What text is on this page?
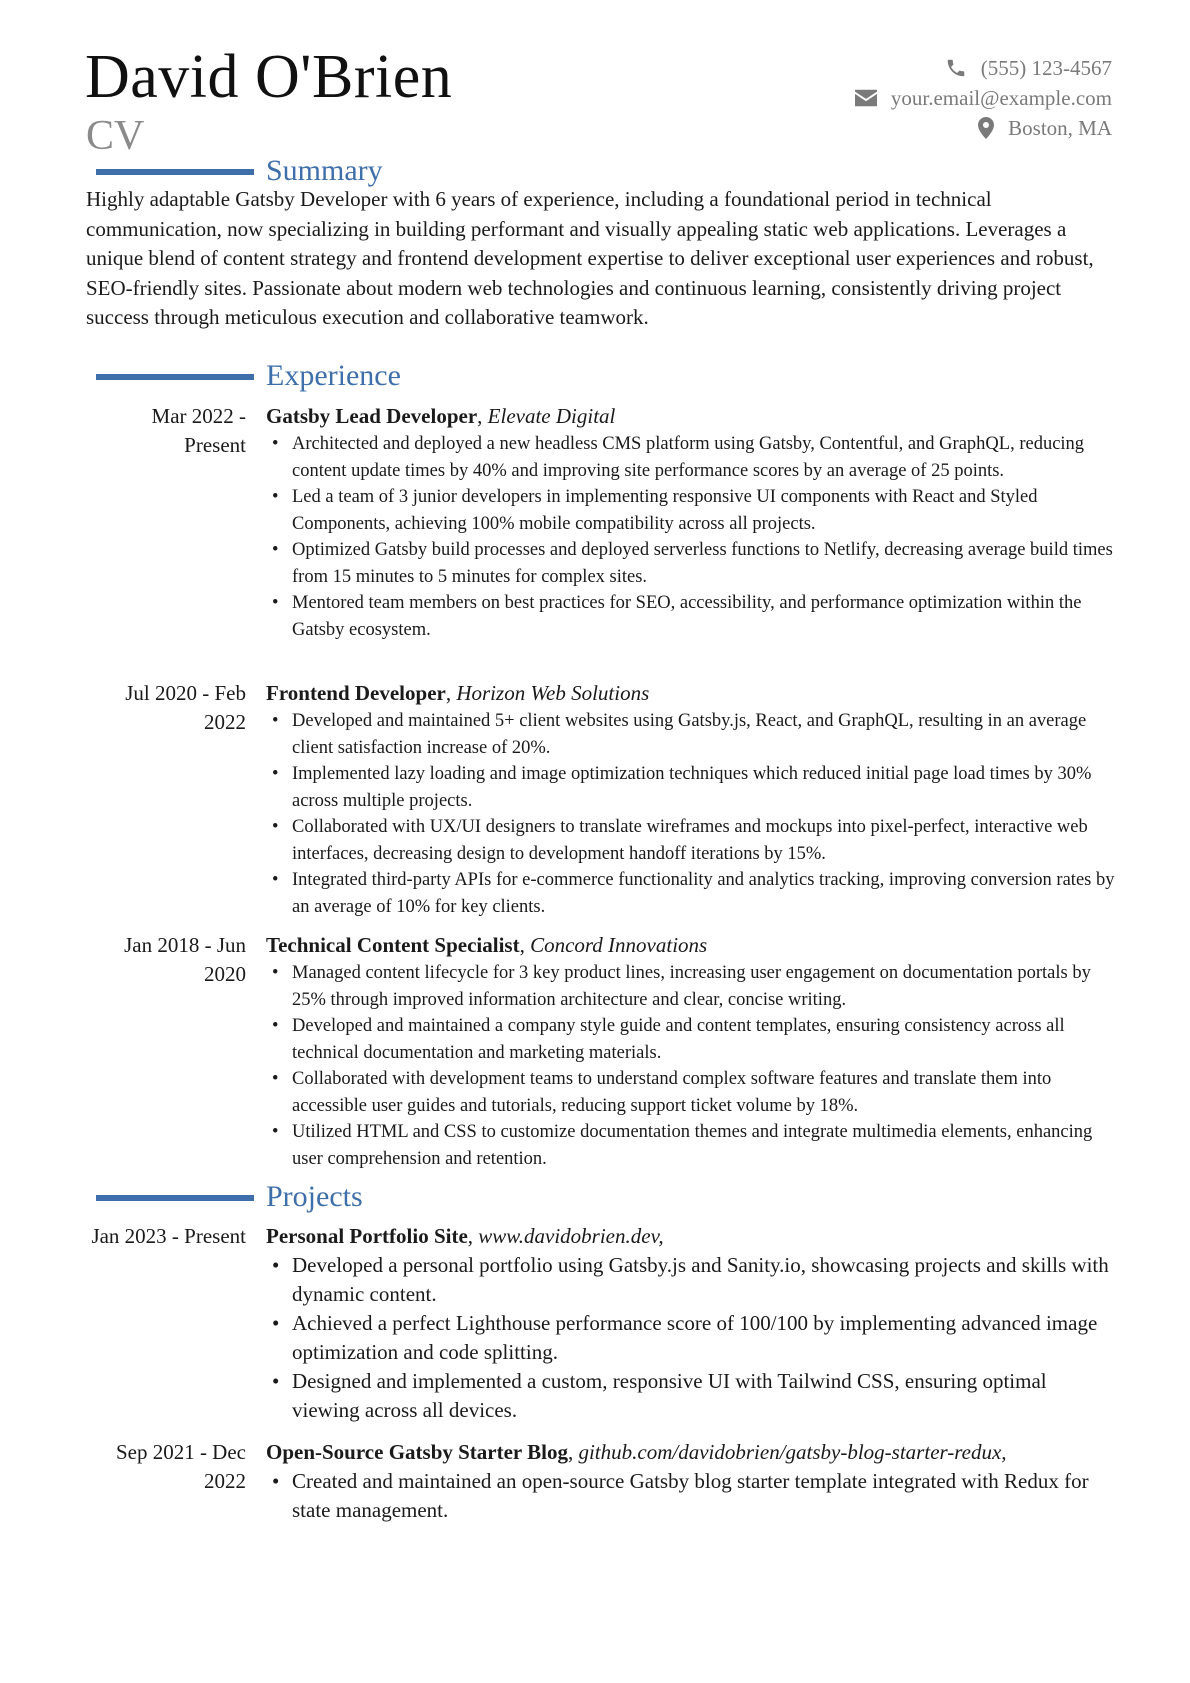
David O'Brien
CV
(555) 123-4567
your.email@example.com
Boston, MA
Summary
Highly adaptable Gatsby Developer with 6 years of experience, including a foundational period in technical communication, now specializing in building performant and visually appealing static web applications. Leverages a unique blend of content strategy and frontend development expertise to deliver exceptional user experiences and robust, SEO-friendly sites. Passionate about modern web technologies and continuous learning, consistently driving project success through meticulous execution and collaborative teamwork.
Experience
Mar 2022 - Present
Gatsby Lead Developer, Elevate Digital
• Architected and deployed a new headless CMS platform using Gatsby, Contentful, and GraphQL, reducing content update times by 40% and improving site performance scores by an average of 25 points.
• Led a team of 3 junior developers in implementing responsive UI components with React and Styled Components, achieving 100% mobile compatibility across all projects.
• Optimized Gatsby build processes and deployed serverless functions to Netlify, decreasing average build times from 15 minutes to 5 minutes for complex sites.
• Mentored team members on best practices for SEO, accessibility, and performance optimization within the Gatsby ecosystem.
Jul 2020 - Feb 2022
Frontend Developer, Horizon Web Solutions
• Developed and maintained 5+ client websites using Gatsby.js, React, and GraphQL, resulting in an average client satisfaction increase of 20%.
• Implemented lazy loading and image optimization techniques which reduced initial page load times by 30% across multiple projects.
• Collaborated with UX/UI designers to translate wireframes and mockups into pixel-perfect, interactive web interfaces, decreasing design to development handoff iterations by 15%.
• Integrated third-party APIs for e-commerce functionality and analytics tracking, improving conversion rates by an average of 10% for key clients.
Jan 2018 - Jun 2020
Technical Content Specialist, Concord Innovations
• Managed content lifecycle for 3 key product lines, increasing user engagement on documentation portals by 25% through improved information architecture and clear, concise writing.
• Developed and maintained a company style guide and content templates, ensuring consistency across all technical documentation and marketing materials.
• Collaborated with development teams to understand complex software features and translate them into accessible user guides and tutorials, reducing support ticket volume by 18%.
• Utilized HTML and CSS to customize documentation themes and integrate multimedia elements, enhancing user comprehension and retention.
Projects
Jan 2023 - Present Personal Portfolio Site, www.davidobrien.dev,
• Developed a personal portfolio using Gatsby.js and Sanity.io, showcasing projects and skills with dynamic content.
• Achieved a perfect Lighthouse performance score of 100/100 by implementing advanced image optimization and code splitting.
• Designed and implemented a custom, responsive UI with Tailwind CSS, ensuring optimal viewing across all devices.
Sep 2021 - Dec 2022
Open-Source Gatsby Starter Blog, github.com/davidobrien/gatsby-blog-starter-redux,
• Created and maintained an open-source Gatsby blog starter template integrated with Redux for state management.
